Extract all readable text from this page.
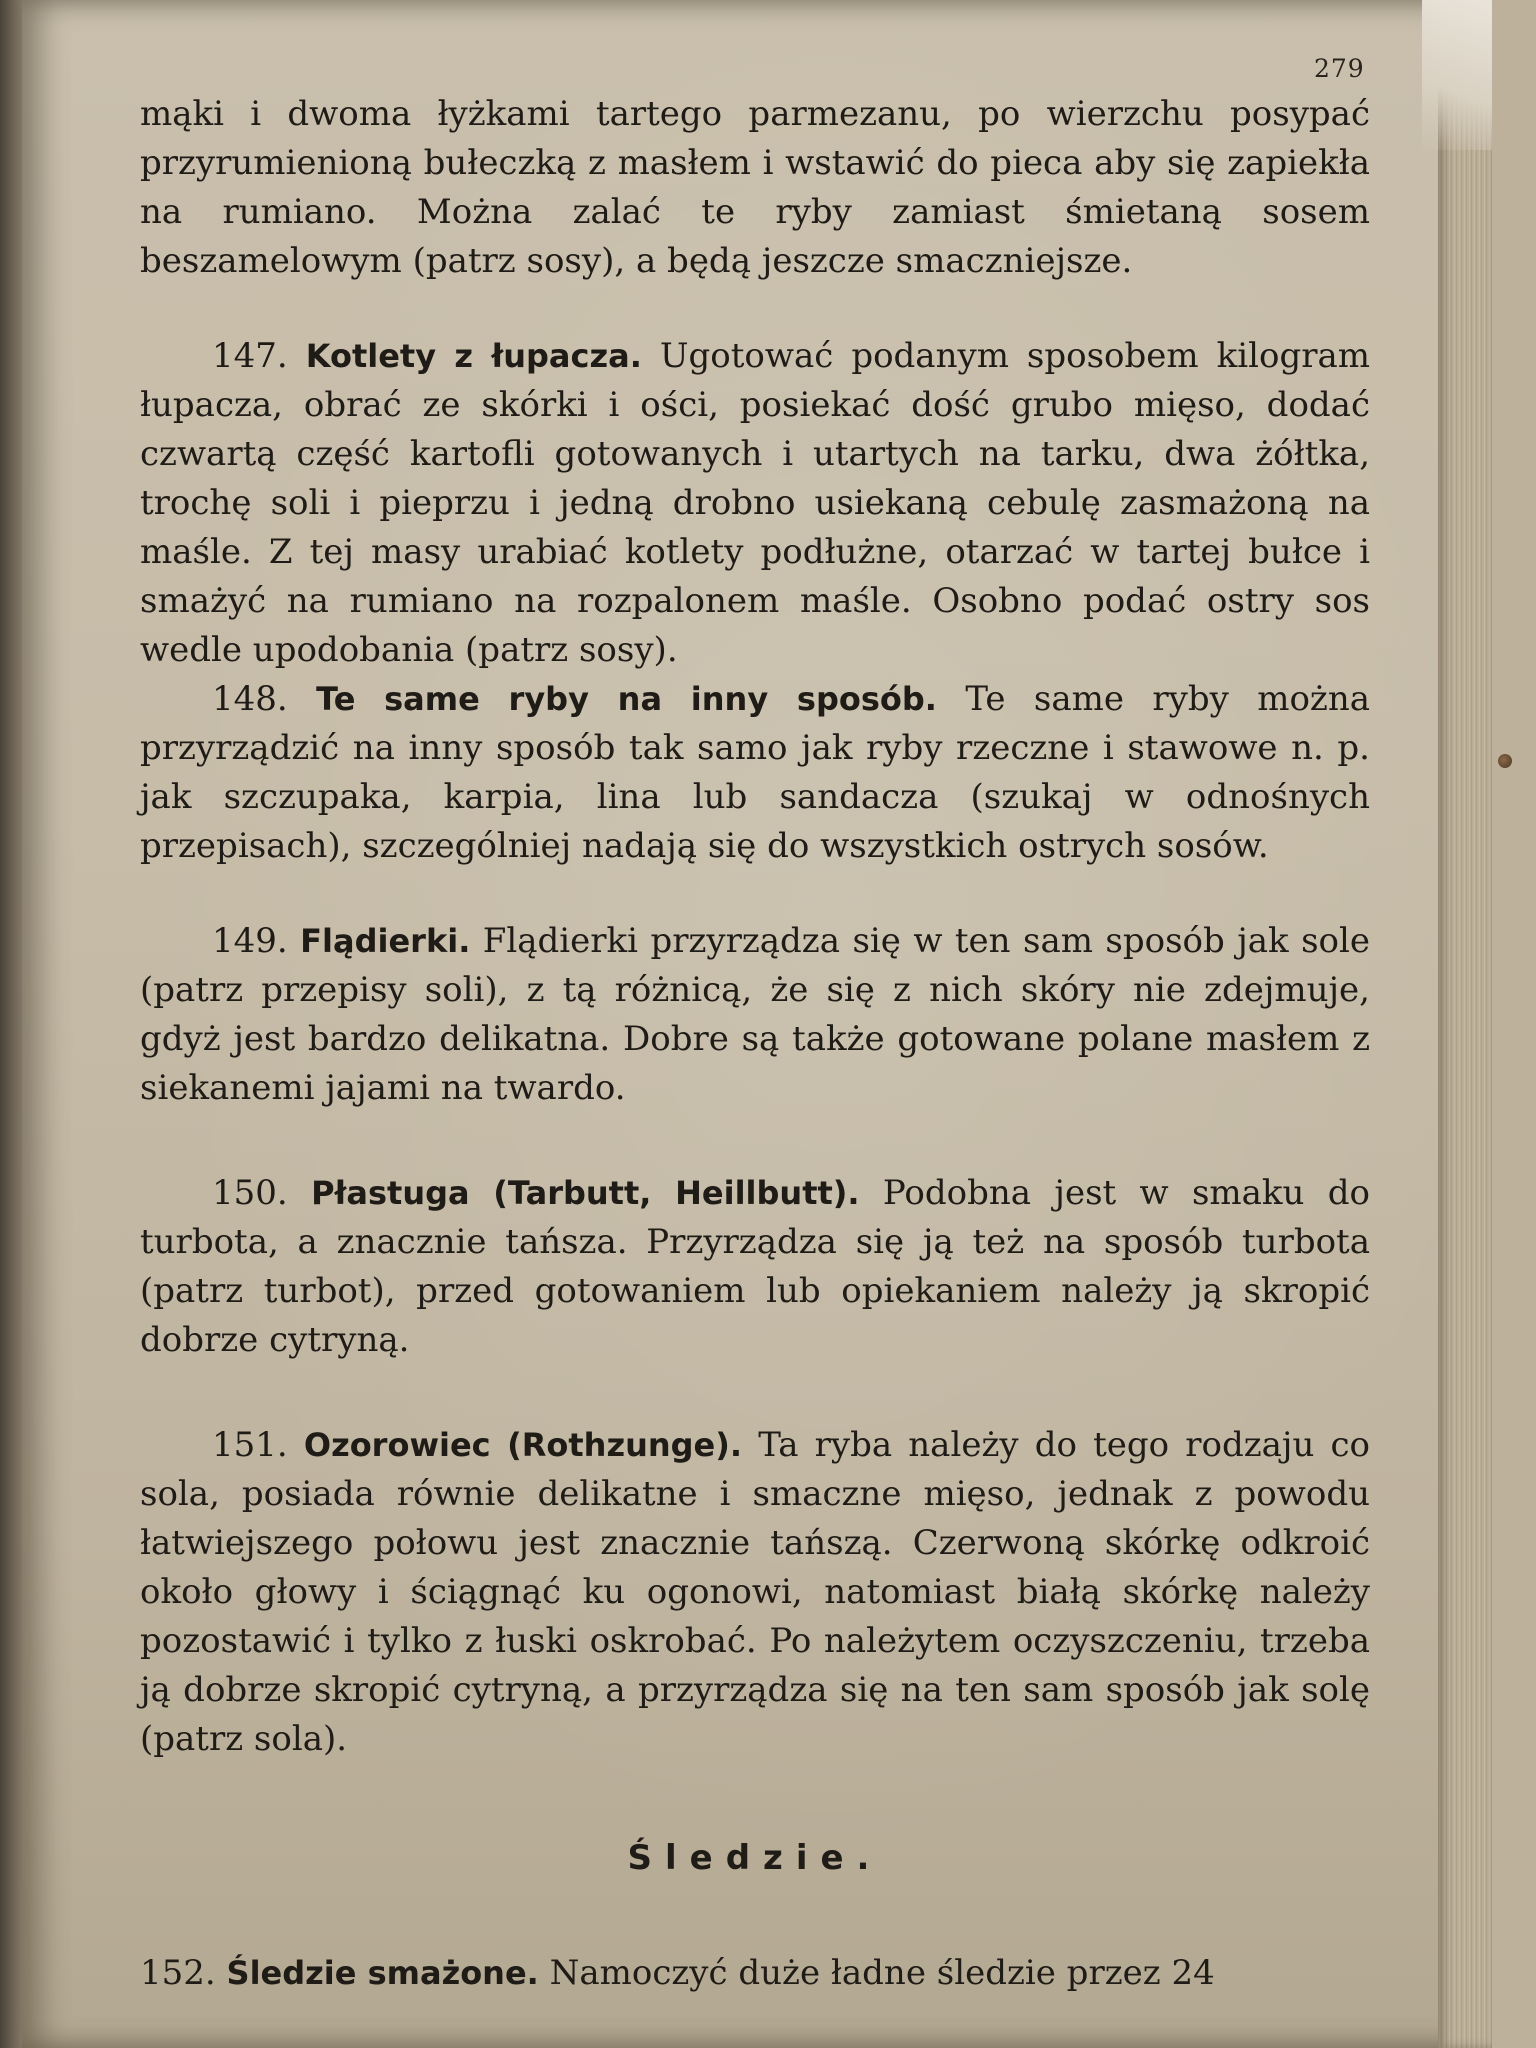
279

mąki i dwoma łyżkami tartego parmezanu, po wierzchu posypać przyrumienioną bułeczką z masłem i wstawić do pieca aby się zapiekła na rumiano. Można zalać te ryby zamiast śmietaną sosem beszamelowym (patrz sosy), a będą jeszcze smaczniejsze.

147. Kotlety z łupacza. Ugotować podanym sposobem kilogram łupacza, obrać ze skórki i ości, posiekać dość grubo mięso, dodać czwartą część kartofli gotowanych i utartych na tarku, dwa żółtka, trochę soli i pieprzu i jedną drobno usiekaną cebulę zasmażoną na maśle. Z tej masy urabiać kotlety podłużne, otarzać w tartej bułce i smażyć na rumiano na rozpalonem maśle. Osobno podać ostry sos wedle upodobania (patrz sosy).

148. Te same ryby na inny sposób. Te same ryby można przyrządzić na inny sposób tak samo jak ryby rzeczne i stawowe n. p. jak szczupaka, karpia, lina lub sandacza (szukaj w odnośnych przepisach), szczególniej nadają się do wszystkich ostrych sosów.

149. Flądierki. Flądierki przyrządza się w ten sam sposób jak sole (patrz przepisy soli), z tą różnicą, że się z nich skóry nie zdejmuje, gdyż jest bardzo delikatna. Dobre są także gotowane polane masłem z siekanemi jajami na twardo.

150. Płastuga (Tarbutt, Heillbutt). Podobna jest w smaku do turbota, a znacznie tańsza. Przyrządza się ją też na sposób turbota (patrz turbot), przed gotowaniem lub opiekaniem należy ją skropić dobrze cytryną.

151. Ozorowiec (Rothzunge). Ta ryba należy do tego rodzaju co sola, posiada równie delikatne i smaczne mięso, jednak z powodu łatwiejszego połowu jest znacznie tańszą. Czerwoną skórkę odkroić około głowy i ściągnąć ku ogonowi, natomiast białą skórkę należy pozostawić i tylko z łuski oskrobać. Po należytem oczyszczeniu, trzeba ją dobrze skropić cytryną, a przyrządza się na ten sam sposób jak solę (patrz sola).

Śledzie.

152. Śledzie smażone. Namoczyć duże ładne śledzie przez 24
